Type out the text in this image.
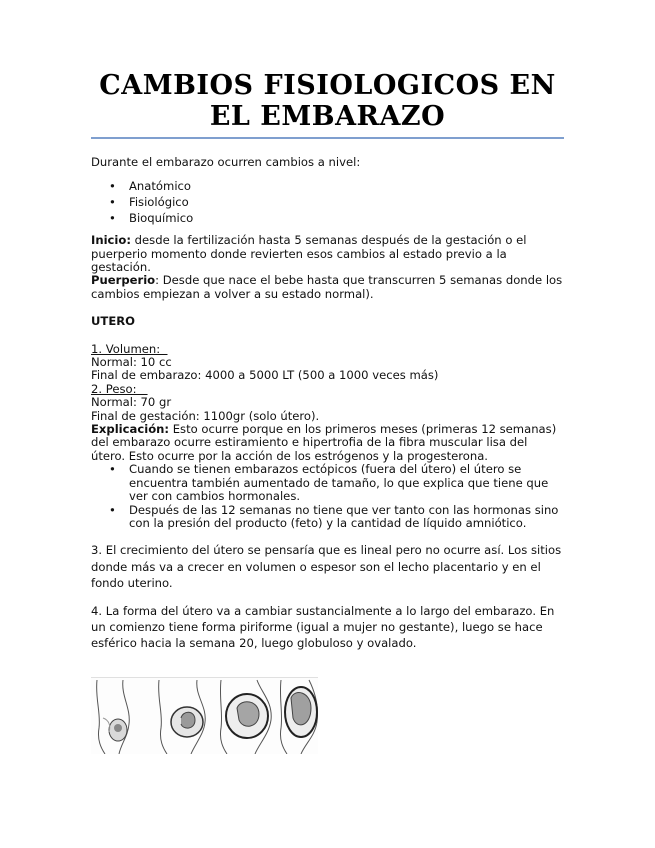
CAMBIOS FISIOLOGICOS EN EL EMBARAZO

Durante el embarazo ocurren cambios a nivel:

• Anatómico
• Fisiológico
• Bioquímico

Inicio: desde la fertilización hasta 5 semanas después de la gestación o el puerperio momento donde revierten esos cambios al estado previo a la gestación.

Puerperio: Desde que nace el bebe hasta que transcurren 5 semanas donde los cambios empiezan a volver a su estado normal).

UTERO

1. Volumen:

Normal: 10 cc

Final de embarazo: 4000 a 5000 LT (500 a 1000 veces más)

2. Peso:

Normal: 70 gr

Final de gestación: 1100gr (solo útero).

Explicación: Esto ocurre porque en los primeros meses (primeras 12 semanas) del embarazo ocurre estiramiento e hipertrofia de la fibra muscular lisa del útero. Esto ocurre por la acción de los estrógenos y la progesterona.

• Cuando se tienen embarazos ectópicos (fuera del útero) el útero se encuentra también aumentado de tamaño, lo que explica que tiene que ver con cambios hormonales.
• Después de las 12 semanas no tiene que ver tanto con las hormonas sino con la presión del producto (feto) y la cantidad de líquido amniótico.

3. El crecimiento del útero se pensaría que es lineal pero no ocurre así. Los sitios donde más va a crecer en volumen o espesor son el lecho placentario y en el fondo uterino.

4. La forma del útero va a cambiar sustancialmente a lo largo del embarazo. En un comienzo tiene forma piriforme (igual a mujer no gestante), luego se hace esférico hacia la semana 20, luego globuloso y ovalado.
